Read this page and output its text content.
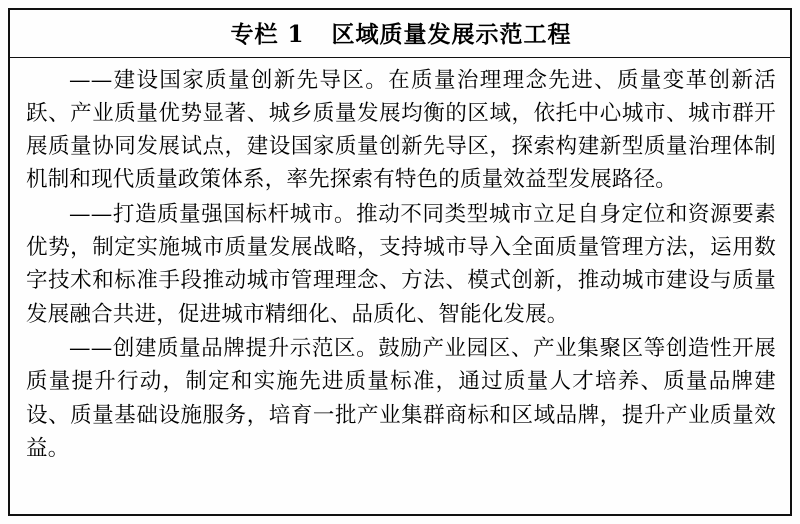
专栏 1   区域质量发展示范工程

——建设国家质量创新先导区。在质量治理理念先进、质量变革创新活跃、产业质量优势显著、城乡质量发展均衡的区域，依托中心城市、城市群开展质量协同发展试点，建设国家质量创新先导区，探索构建新型质量治理体制机制和现代质量政策体系，率先探索有特色的质量效益型发展路径。

——打造质量强国标杆城市。推动不同类型城市立足自身定位和资源要素优势，制定实施城市质量发展战略，支持城市导入全面质量管理方法，运用数字技术和标准手段推动城市管理理念、方法、模式创新，推动城市建设与质量发展融合共进，促进城市精细化、品质化、智能化发展。

——创建质量品牌提升示范区。鼓励产业园区、产业集聚区等创造性开展质量提升行动，制定和实施先进质量标准，通过质量人才培养、质量品牌建设、质量基础设施服务，培育一批产业集群商标和区域品牌，提升产业质量效益。
